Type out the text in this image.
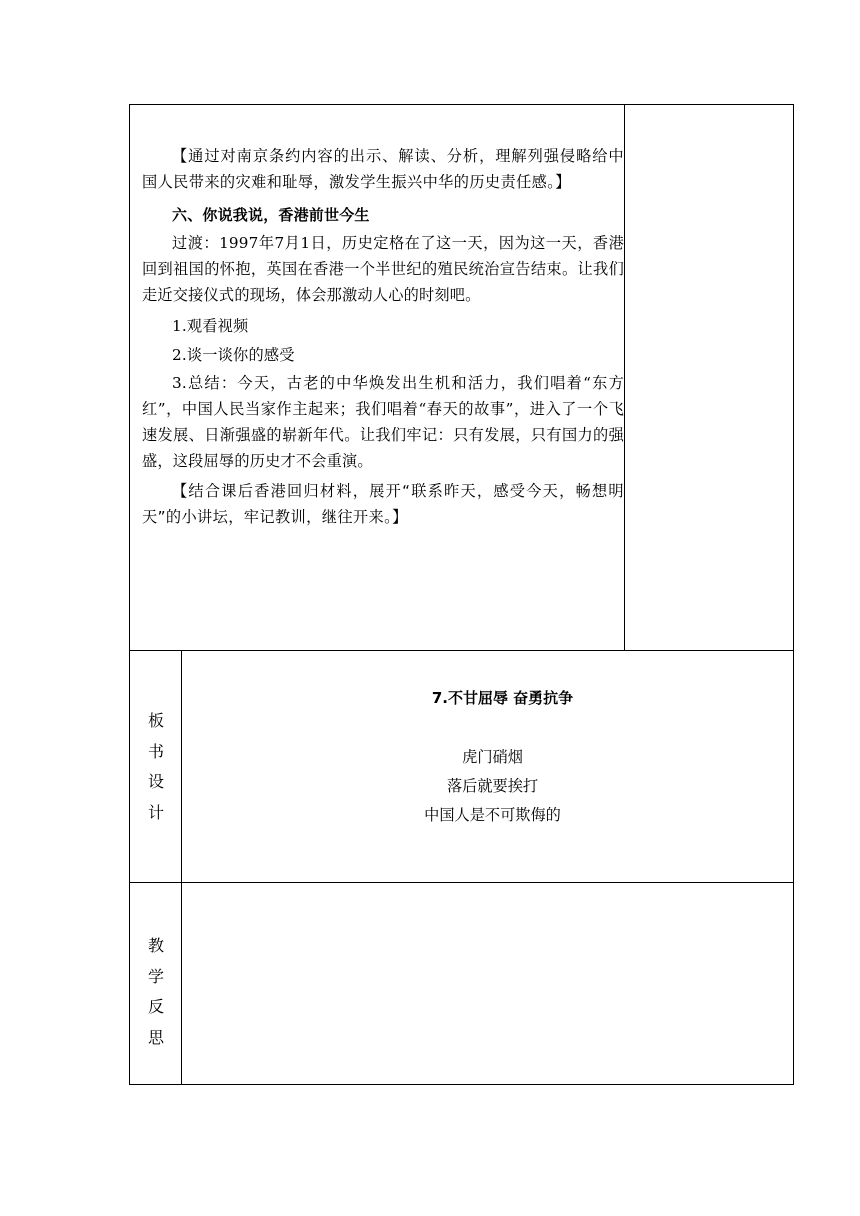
【通过对南京条约内容的出示、解读、分析，理解列强侵略给中国人民带来的灾难和耻辱，激发学生振兴中华的历史责任感。】

六、你说我说，香港前世今生

过渡：1997年7月1日，历史定格在了这一天，因为这一天，香港回到祖国的怀抱，英国在香港一个半世纪的殖民统治宣告结束。让我们走近交接仪式的现场，体会那激动人心的时刻吧。

1.观看视频

2.谈一谈你的感受

3.总结：今天，古老的中华焕发出生机和活力，我们唱着“东方红”，中国人民当家作主起来；我们唱着“春天的故事”，进入了一个飞速发展、日渐强盛的崭新年代。让我们牢记：只有发展，只有国力的强盛，这段屈辱的历史才不会重演。

【结合课后香港回归材料，展开“联系昨天，感受今天，畅想明天”的小讲坛，牢记教训，继往开来。】

板
书
设
计
7.不甘屈辱 奋勇抗争
虎门硝烟
落后就要挨打
中国人是不可欺侮的
教
学
反
思
